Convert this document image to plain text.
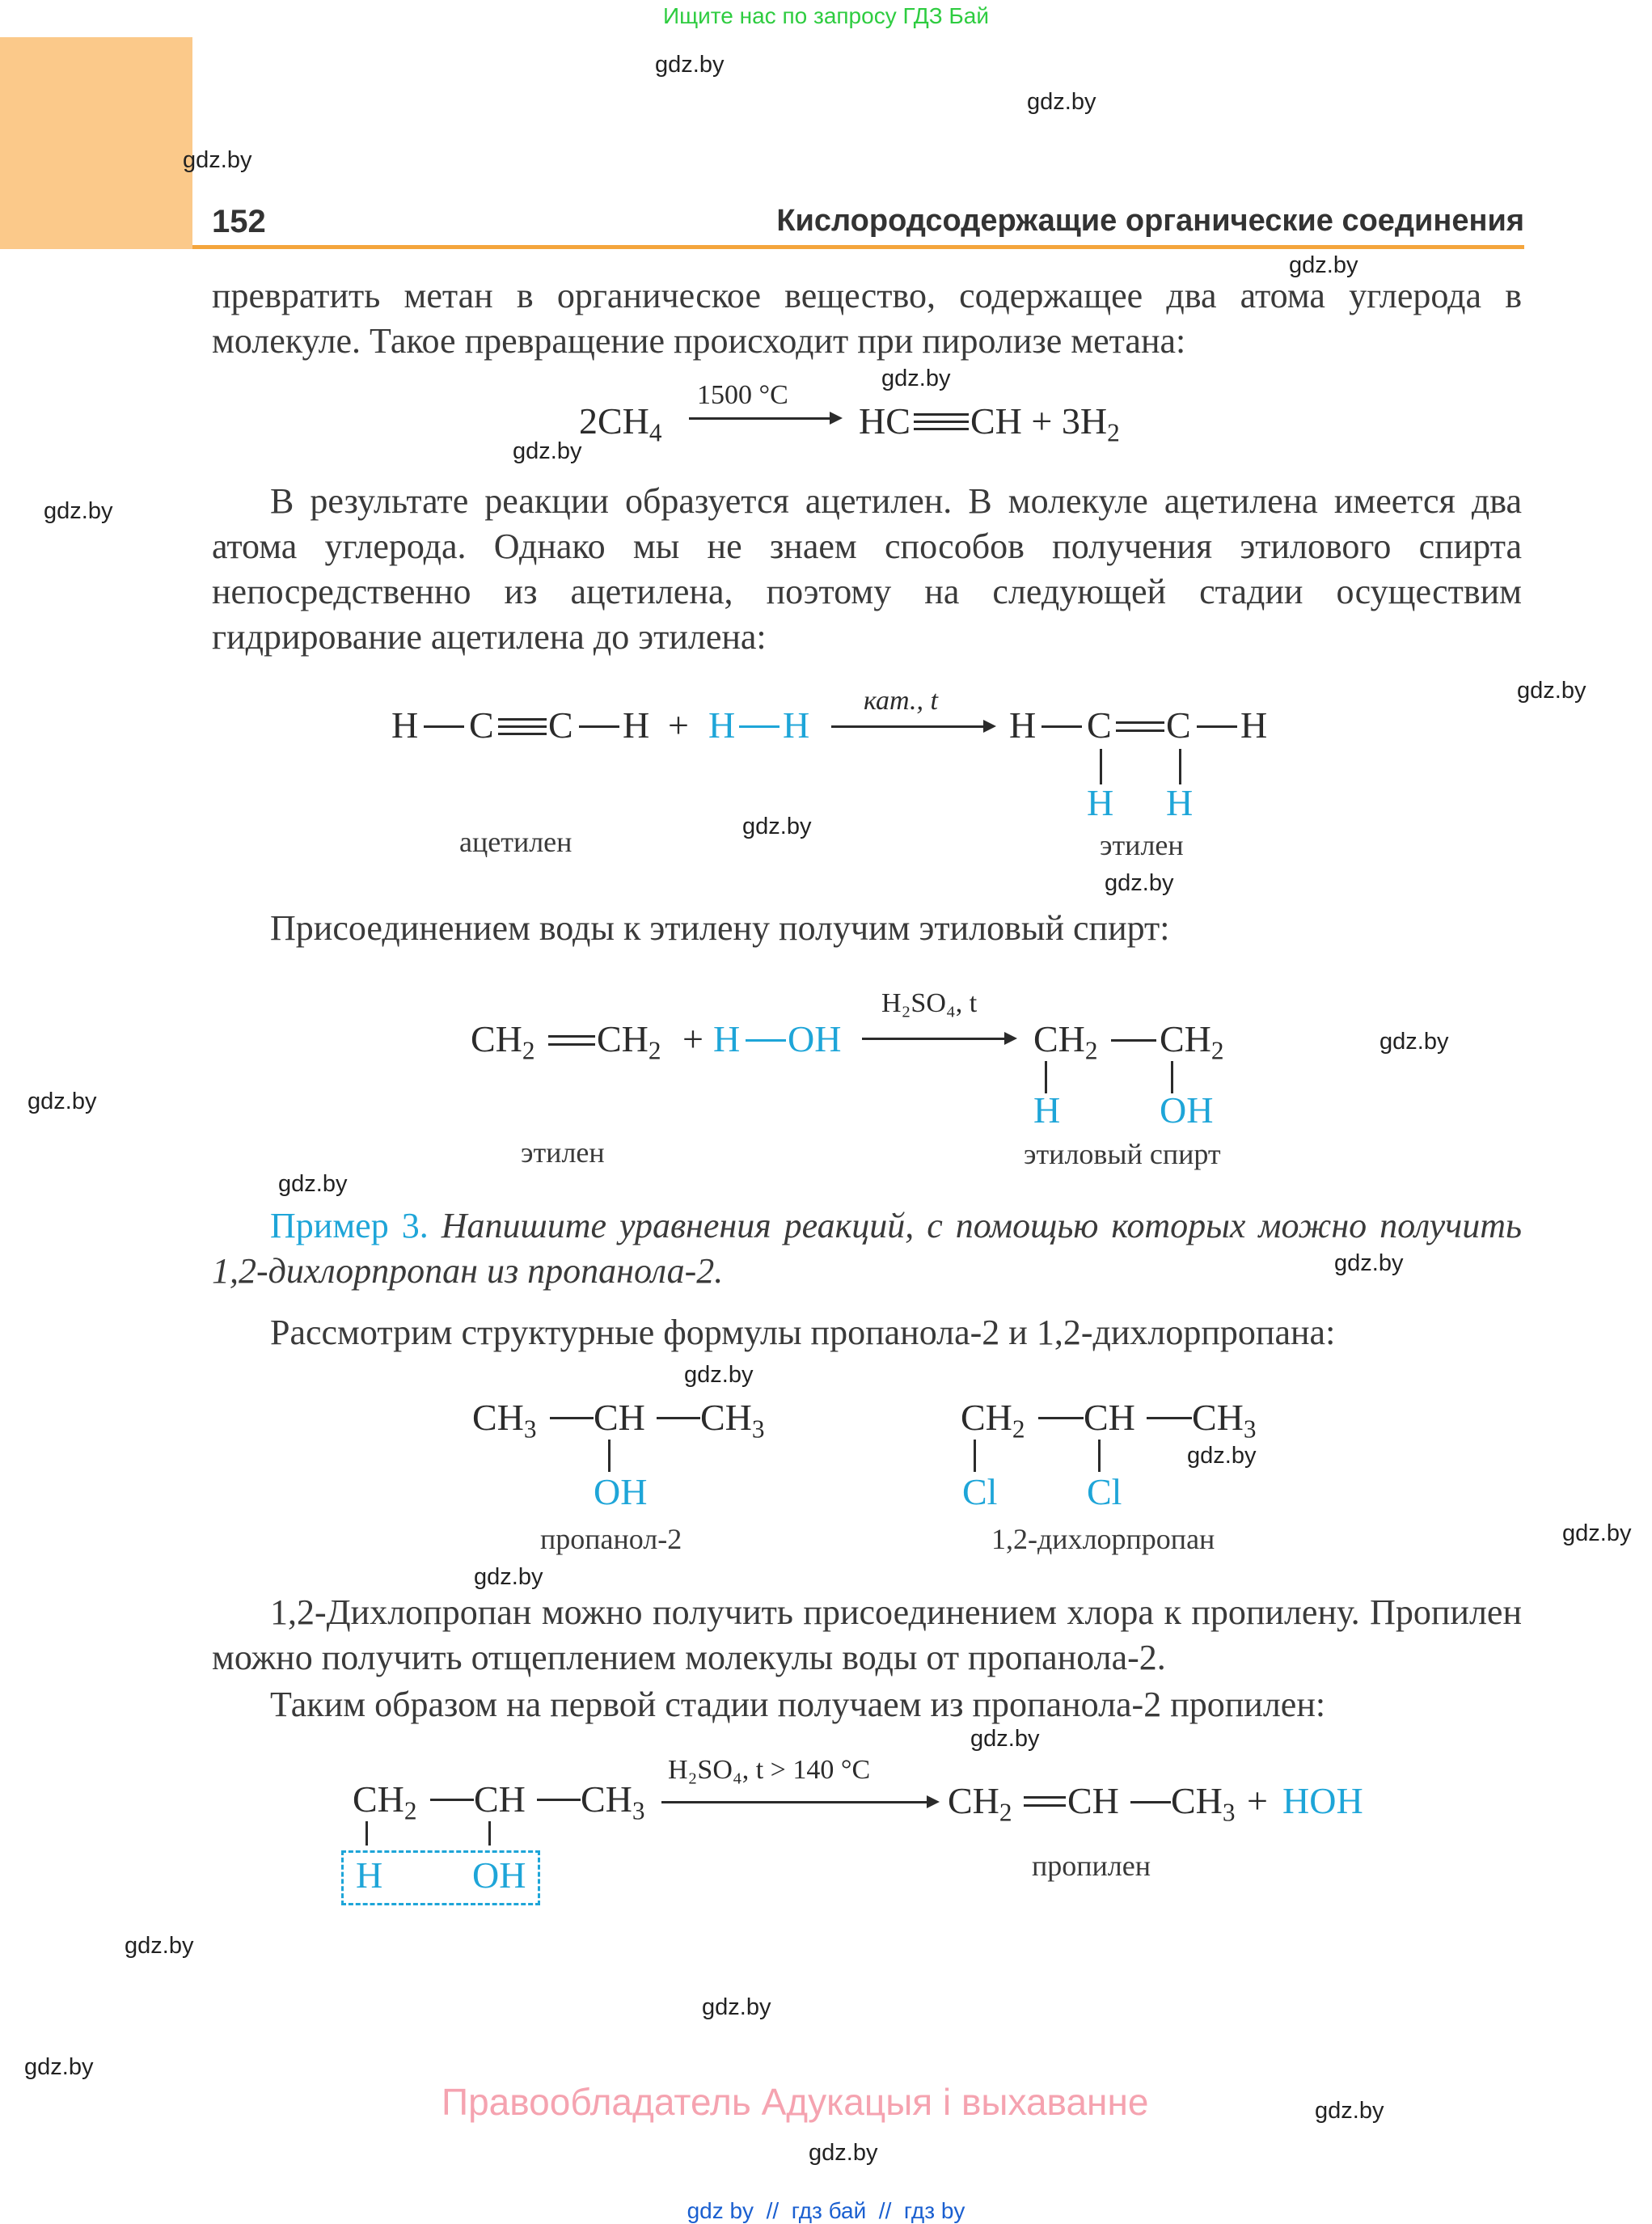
Ищите нас по запросу ГДЗ Бай
152	Кислородсодержащие органические соединения
превратить метан в органическое вещество, содержащее два атома углерода в молекуле. Такое превращение происходит при пиролизе метана:
$2CH_4$
1500 °C
HC CH + $3H_2$
В результате реакции образуется ацетилен. В молекуле ацетилена имеется два атома углерода. Однако мы не знаем способов получения этилового спирта непосредственно из ацетилена, поэтому на следующей стадии осуществим гидрирование ацетилена до этилена:
H C C H + H H
кат., t
H C C H
H H
ацетилен	этилен
Присоединением воды к этилену получим этиловый спирт:
$CH_2$ $CH_2 + H$ OH
H₂SO₄, t
$CH_2$ $CH_2$
H	OH
этилен	этиловый спирт
Пример 3. Напишите уравнения реакций, с помощью которых можно получить 1,2-дихлорпропан из пропанола-2.
Рассмотрим структурные формулы пропанола-2 и 1,2-дихлорпропана:
$CH_3$ CH $CH_3$
OH
пропанол-2
$CH_2$ CH $CH_3$
Cl Cl
1,2-дихлорпропан
1,2-Дихлопропан можно получить присоединением хлора к пропилену. Пропилен можно получить отщеплением молекулы воды от пропанола-2.
Таким образом на первой стадии получаем из пропанола-2 пропилен:
$CH_2$ CH $CH_3$
H OH
H₂SO₄, t > 140 °C
$CH_2$ CH $CH_3$ + HOH
пропилен
Правообладатель Адукацыя і выхаванне
gdz by  //  гдз бай  //  гдз by
gdz.by
gdz.by
gdz.by
gdz.by
gdz.by
gdz.by
gdz.by
gdz.by
gdz.by
gdz.by
gdz.by
gdz.by
gdz.by
gdz.by
gdz.by
gdz.by
gdz.by
gdz.by
gdz.by
gdz.by
gdz.by
gdz.by
gdz.by
gdz.by
